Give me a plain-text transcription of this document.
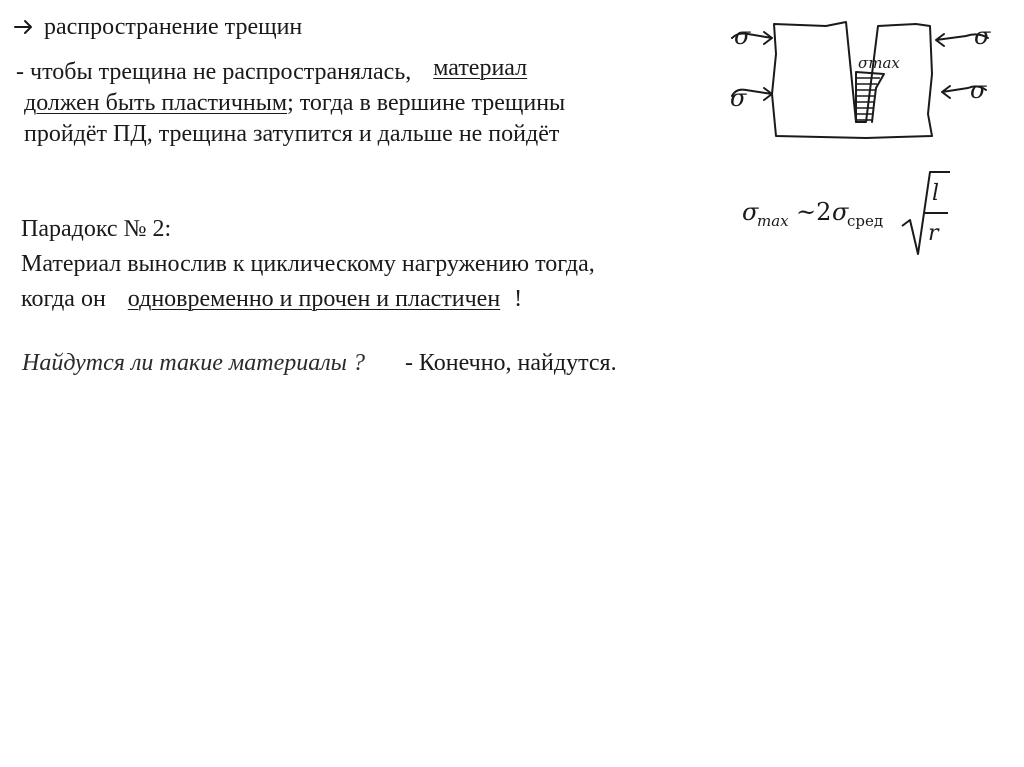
распространение трещин
- чтобы трещина не распространялась, материал
должен быть пластичным; тогда в вершине трещины
пройдёт ПД, трещина затупится и дальше не пойдёт
Парадокс № 2:
Материал вынослив к циклическому нагружению тогда,
когда он одновременно и прочен и пластичен !
Найдутся ли такие материалы ? - Конечно, найдутся.
σ
σ
σ
σ
σmax
σ
max ~2 σ
сред
l
r
